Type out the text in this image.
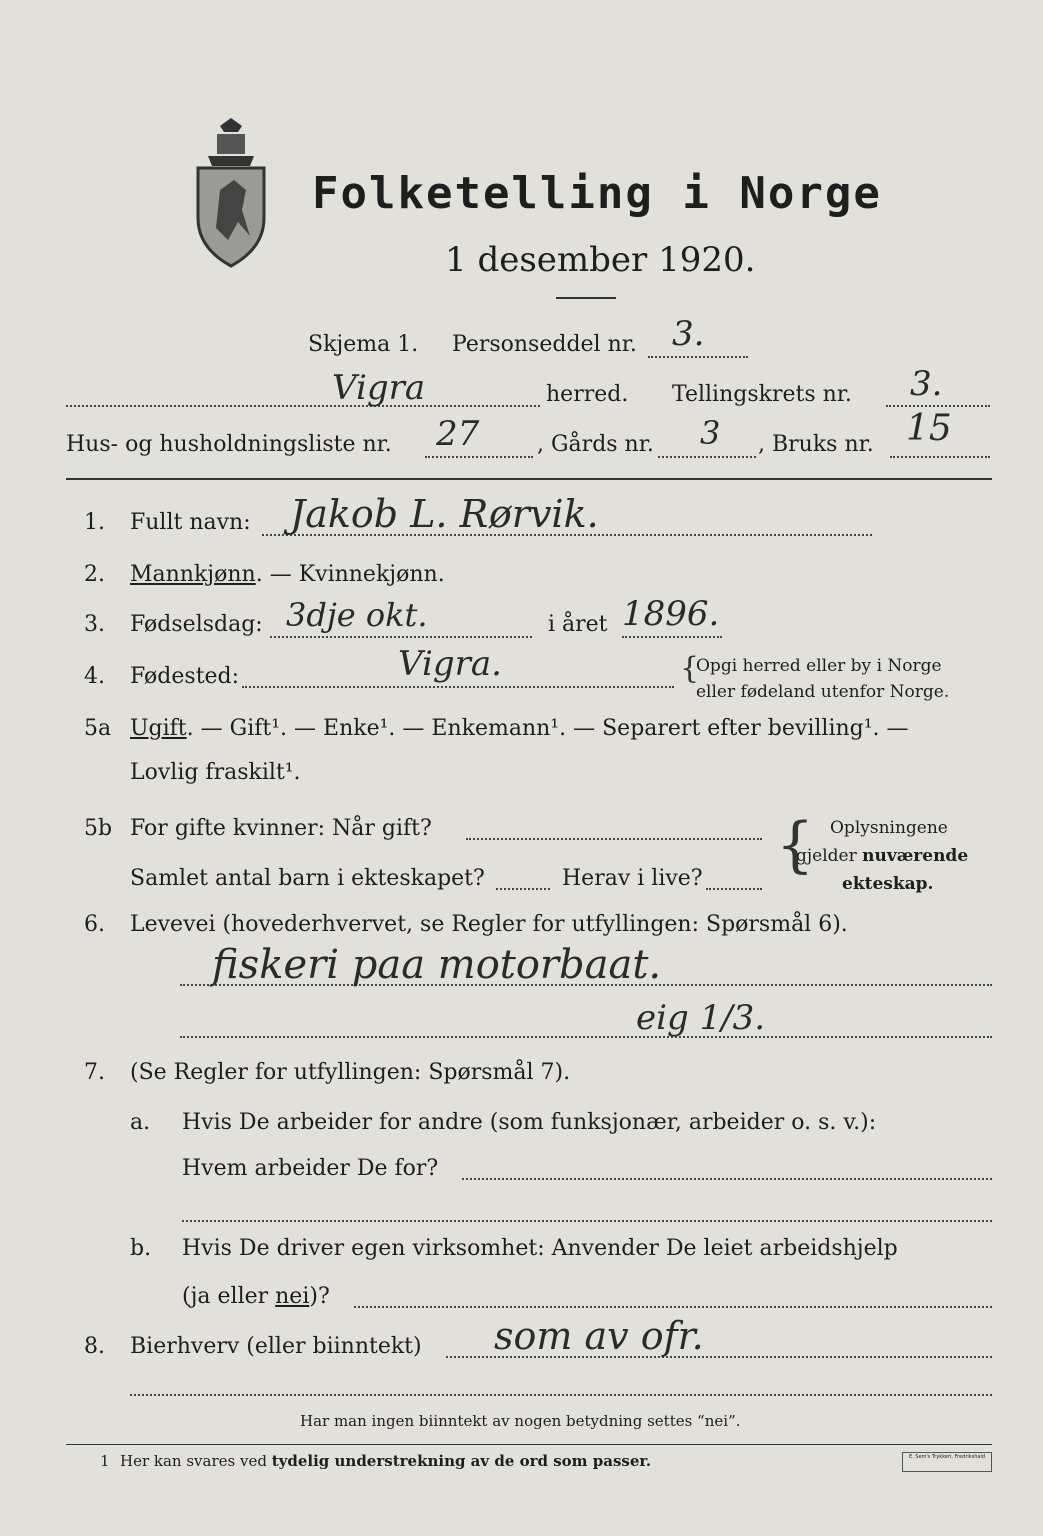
Folketelling i Norge
1 desember 1920.
Skjema 1. Personseddel nr. 3.
Vigra	herred. Tellingskrets nr. 3.
Hus- og husholdningsliste nr. 27	, Gårds nr. 3 , Bruks nr. 15
1. Fullt navn: Jakob L. Rørvik.
2. Mannkjønn. — Kvinnekjønn.
3. Fødselsdag: 3dje okt.	i året 1896.
4. Fødested:	Vigra.	{
Opgi herred eller by i Norge
eller fødeland utenfor Norge.
5a Ugift. — Gift¹. — Enke¹. — Enkemann¹. — Separert efter bevilling¹. —
Lovlig fraskilt¹.
5b For gifte kvinner: Når gift?
Samlet antal barn i ekteskapet?	Herav i live? { Oplysningene
gjelder nuværende
ekteskap.
6. Levevei (hovederhvervet, se Regler for utfyllingen: Spørsmål 6).
fiskeri paa motorbaat.
eig 1/3.
7. (Se Regler for utfyllingen: Spørsmål 7).
a. Hvis De arbeider for andre (som funksjonær, arbeider o. s. v.):
Hvem arbeider De for?
b. Hvis De driver egen virksomhet: Anvender De leiet arbeidshjelp
(ja eller nei)?
8. Bierhverv (eller biinntekt) som av ofr.
Har man ingen biinntekt av nogen betydning settes “nei”.
1 Her kan svares ved tydelig understrekning av de ord som passer.	E. Sem's Trykkeri, Fredrikshald
